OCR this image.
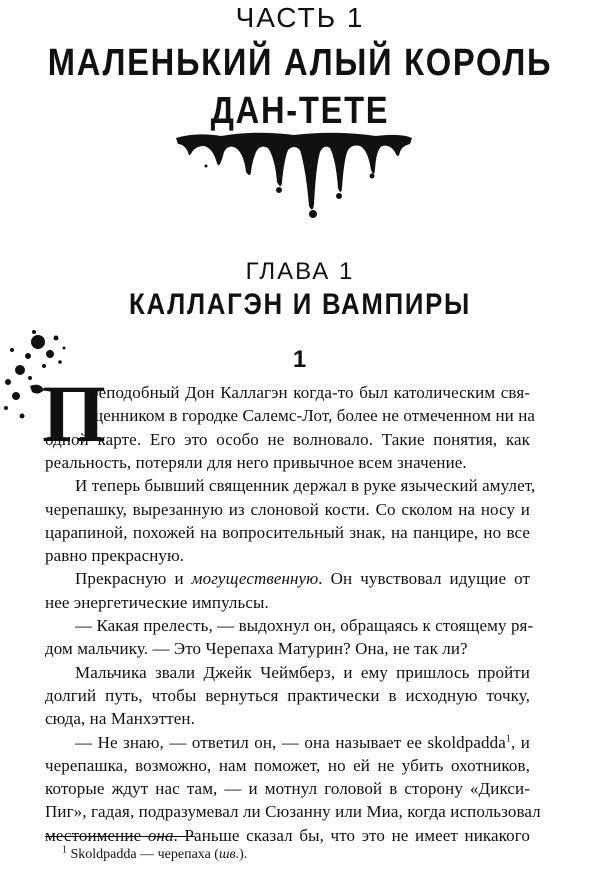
ЧАСТЬ 1
МАЛЕНЬКИЙ АЛЫЙ КОРОЛЬ
ДАН-ТЕТЕ
ГЛАВА 1
КАЛЛАГЭН И ВАМПИРЫ
1
П
реподобный Дон Каллагэн когда-то был католическим свя-
щенником в городке Салемс-Лот, более не отмеченном ни на
одной карте. Его это особо не волновало. Такие понятия, как
реальность, потеряли для него привычное всем значение.
И теперь бывший священник держал в руке языческий амулет,
черепашку, вырезанную из слоновой кости. Со сколом на носу и
царапиной, похожей на вопросительный знак, на панцире, но все
равно прекрасную.
Прекрасную и могущественную. Он чувствовал идущие от
нее энергетические импульсы.
— Какая прелесть, — выдохнул он, обращаясь к стоящему ря-
дом мальчику. — Это Черепаха Матурин? Она, не так ли?
Мальчика звали Джейк Чеймберз, и ему пришлось пройти
долгий путь, чтобы вернуться практически в исходную точку,
сюда, на Манхэттен.
— Не знаю, — ответил он, — она называет ее skoldpadda$^1$, и
черепашка, возможно, нам поможет, но ей не убить охотников,
$^1$ Skoldpadda — черепаха (шв.).
которые ждут нас там, — и мотнул головой в сторону «Дикси-
Пиг», гадая, подразумевал ли Сюзанну или Миа, когда использовал
местоимение она. Раньше сказал бы, что это не имеет никакого
